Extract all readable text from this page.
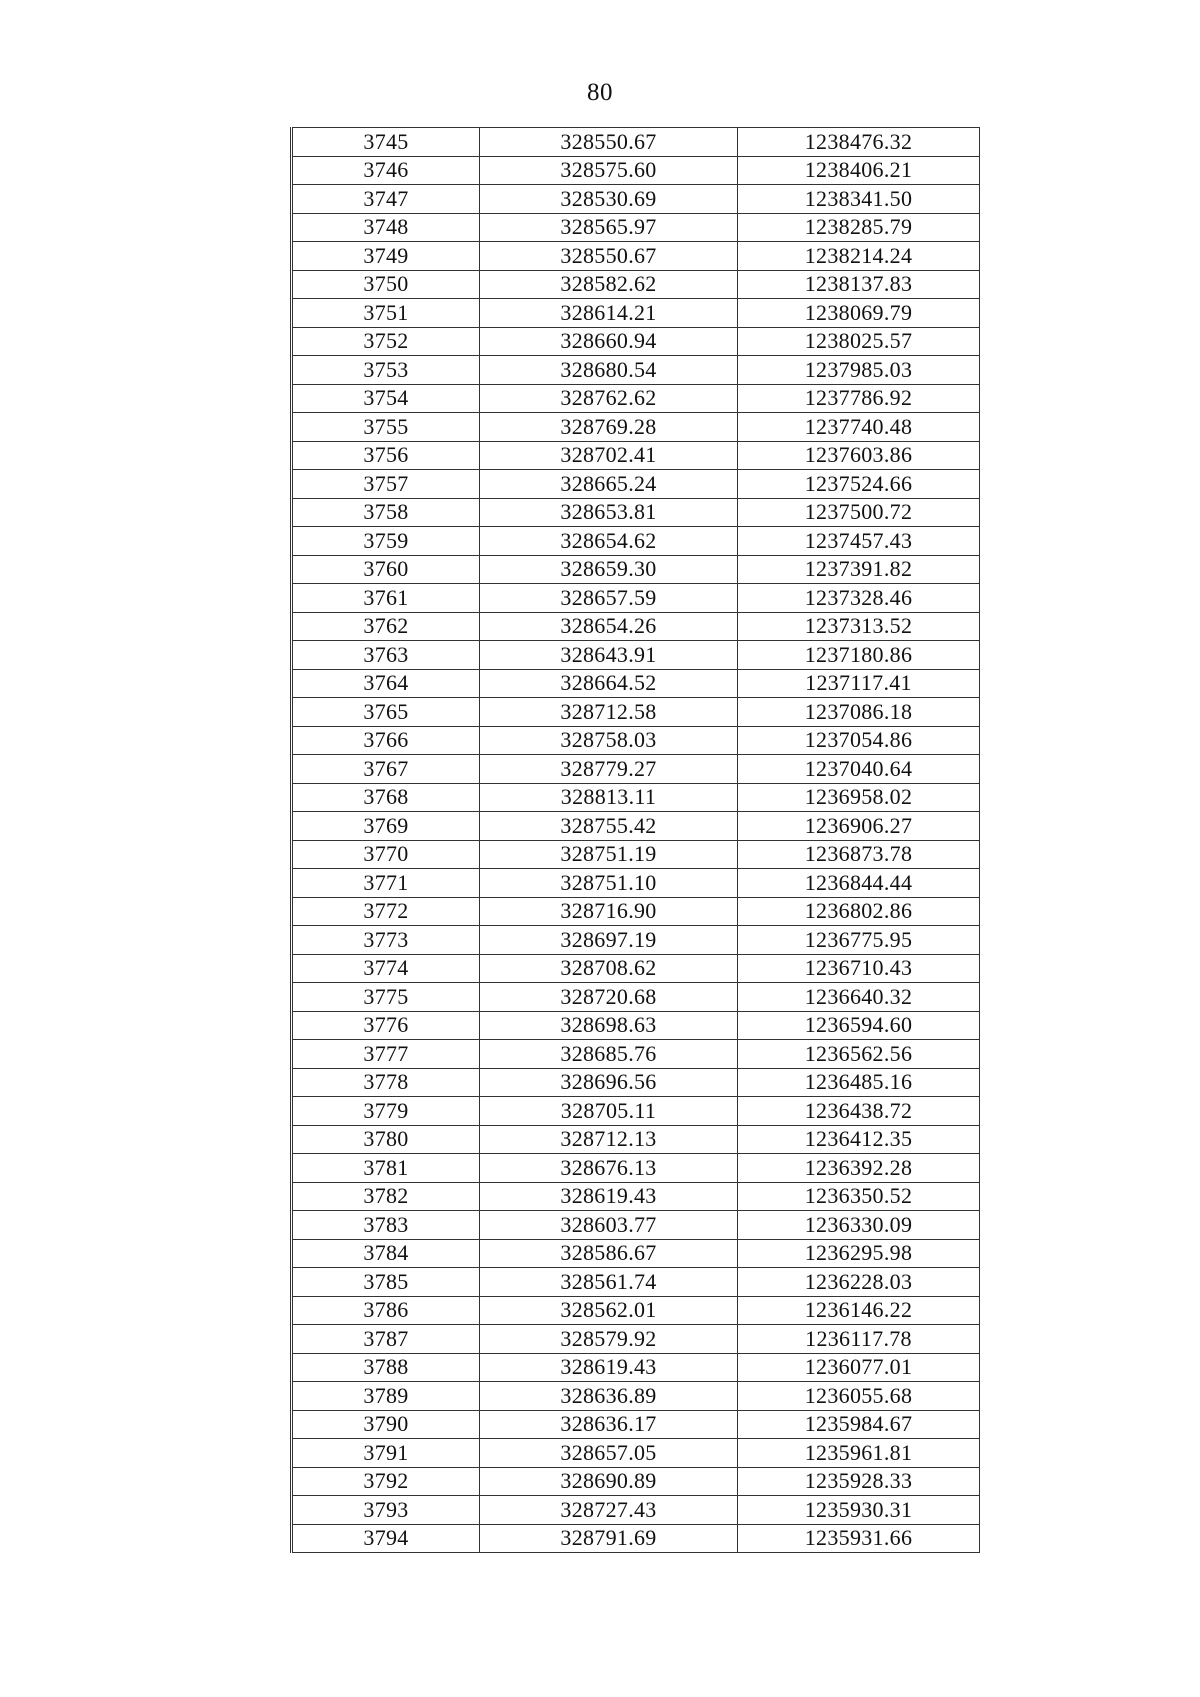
80
3745	328550.67	1238476.32
3746	328575.60	1238406.21
3747	328530.69	1238341.50
3748	328565.97	1238285.79
3749	328550.67	1238214.24
3750	328582.62	1238137.83
3751	328614.21	1238069.79
3752	328660.94	1238025.57
3753	328680.54	1237985.03
3754	328762.62	1237786.92
3755	328769.28	1237740.48
3756	328702.41	1237603.86
3757	328665.24	1237524.66
3758	328653.81	1237500.72
3759	328654.62	1237457.43
3760	328659.30	1237391.82
3761	328657.59	1237328.46
3762	328654.26	1237313.52
3763	328643.91	1237180.86
3764	328664.52	1237117.41
3765	328712.58	1237086.18
3766	328758.03	1237054.86
3767	328779.27	1237040.64
3768	328813.11	1236958.02
3769	328755.42	1236906.27
3770	328751.19	1236873.78
3771	328751.10	1236844.44
3772	328716.90	1236802.86
3773	328697.19	1236775.95
3774	328708.62	1236710.43
3775	328720.68	1236640.32
3776	328698.63	1236594.60
3777	328685.76	1236562.56
3778	328696.56	1236485.16
3779	328705.11	1236438.72
3780	328712.13	1236412.35
3781	328676.13	1236392.28
3782	328619.43	1236350.52
3783	328603.77	1236330.09
3784	328586.67	1236295.98
3785	328561.74	1236228.03
3786	328562.01	1236146.22
3787	328579.92	1236117.78
3788	328619.43	1236077.01
3789	328636.89	1236055.68
3790	328636.17	1235984.67
3791	328657.05	1235961.81
3792	328690.89	1235928.33
3793	328727.43	1235930.31
3794	328791.69	1235931.66
